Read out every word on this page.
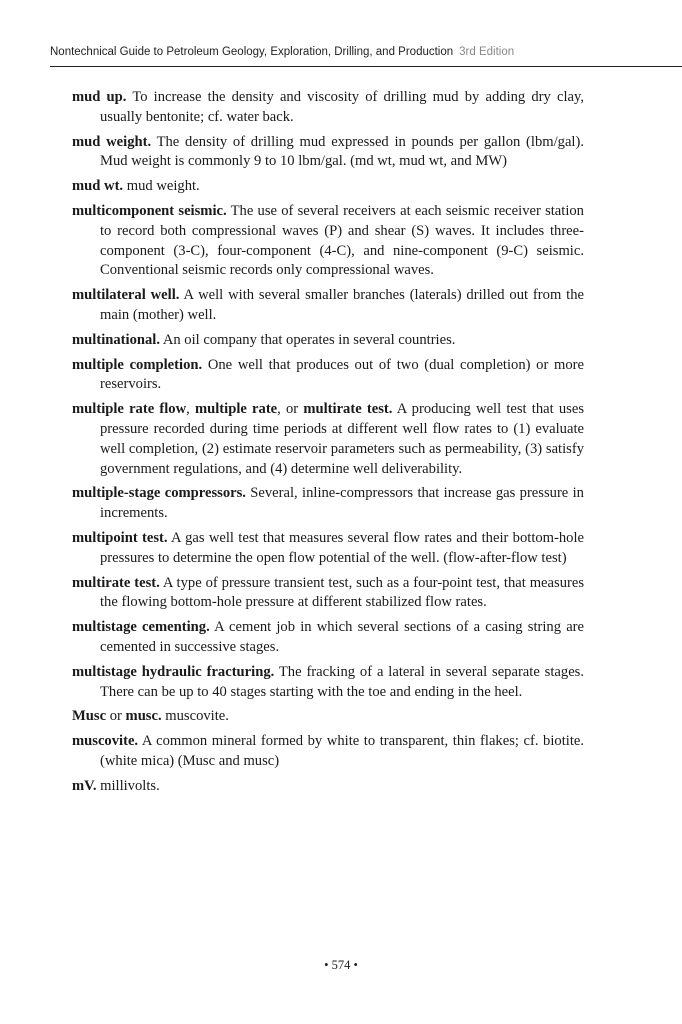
Nontechnical Guide to Petroleum Geology, Exploration, Drilling, and Production 3rd Edition

mud up. To increase the density and viscosity of drilling mud by adding dry clay, usually bentonite; cf. water back.

mud weight. The density of drilling mud expressed in pounds per gallon (lbm/gal). Mud weight is commonly 9 to 10 lbm/gal. (md wt, mud wt, and MW)

mud wt. mud weight.

multicomponent seismic. The use of several receivers at each seismic receiver station to record both compressional waves (P) and shear (S) waves. It includes three-component (3-C), four-component (4-C), and nine-component (9-C) seismic. Conventional seismic records only compressional waves.

multilateral well. A well with several smaller branches (laterals) drilled out from the main (mother) well.

multinational. An oil company that operates in several countries.

multiple completion. One well that produces out of two (dual completion) or more reservoirs.

multiple rate flow, multiple rate, or multirate test. A producing well test that uses pressure recorded during time periods at different well flow rates to (1) evaluate well completion, (2) estimate reservoir parameters such as permeability, (3) satisfy government regulations, and (4) determine well deliverability.

multiple-stage compressors. Several, inline-compressors that increase gas pressure in increments.

multipoint test. A gas well test that measures several flow rates and their bottom-hole pressures to determine the open flow potential of the well. (flow-after-flow test)

multirate test. A type of pressure transient test, such as a four-point test, that measures the flowing bottom-hole pressure at different stabilized flow rates.

multistage cementing. A cement job in which several sections of a casing string are cemented in successive stages.

multistage hydraulic fracturing. The fracking of a lateral in several separate stages. There can be up to 40 stages starting with the toe and ending in the heel.

Musc or musc. muscovite.

muscovite. A common mineral formed by white to transparent, thin flakes; cf. biotite. (white mica) (Musc and musc)

mV. millivolts.

• 574 •
